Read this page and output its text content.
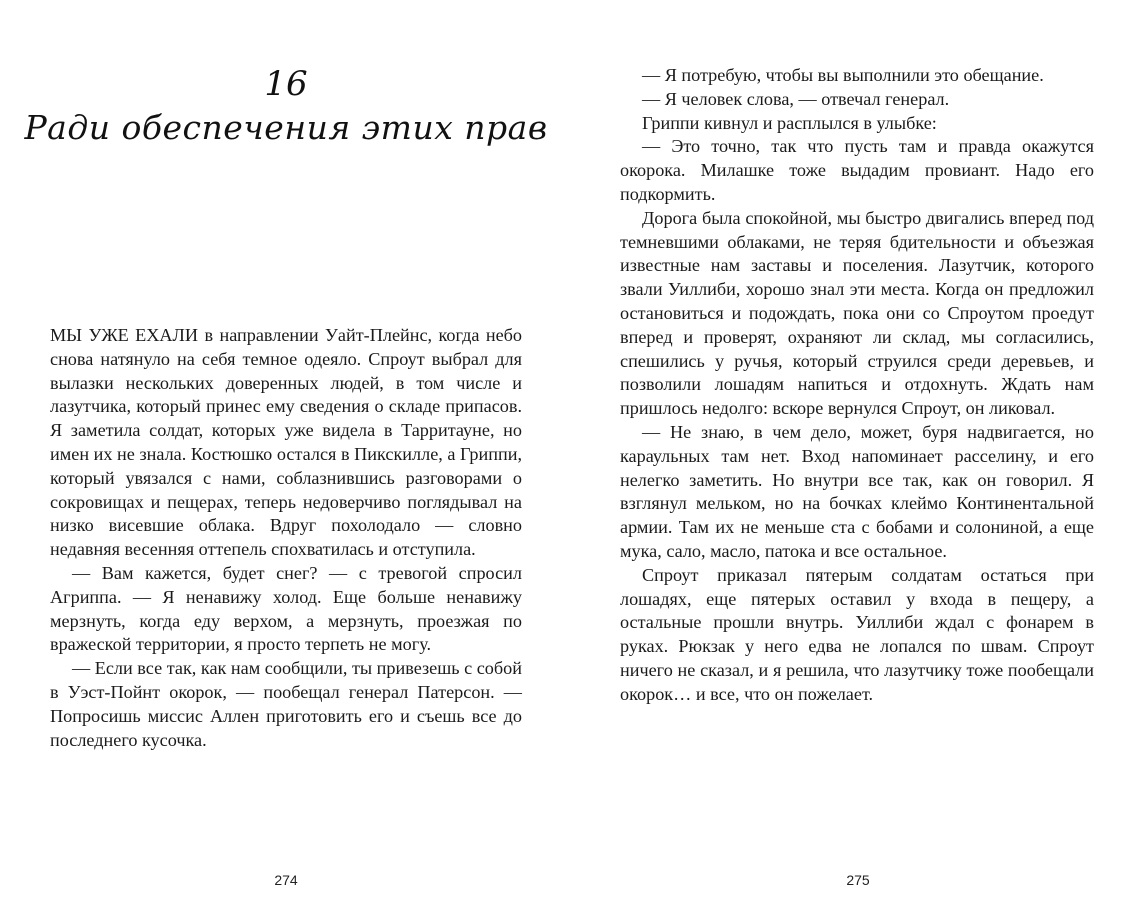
16
Ради обеспечения этих прав

МЫ УЖЕ ЕХАЛИ в направлении Уайт-Плейнс, когда небо снова натянуло на себя темное одеяло. Спроут выбрал для вылазки нескольких доверенных людей, в том числе и лазутчика, который принес ему сведения о складе припасов. Я заметила солдат, которых уже видела в Тарритауне, но имен их не знала. Костюшко остался в Пикскилле, а Гриппи, который увязался с нами, соблазнившись разговорами о сокровищах и пещерах, теперь недоверчиво поглядывал на низко висевшие облака. Вдруг похолодало — словно недавняя весенняя оттепель спохватилась и отступила.

— Вам кажется, будет снег? — с тревогой спросил Агриппа. — Я ненавижу холод. Еще больше ненавижу мерзнуть, когда еду верхом, а мерзнуть, проезжая по вражеской территории, я просто терпеть не могу.

— Если все так, как нам сообщили, ты привезешь с собой в Уэст-Пойнт окорок, — пообещал генерал Патерсон. — Попросишь миссис Аллен приготовить его и съешь все до последнего кусочка.

274

— Я потребую, чтобы вы выполнили это обещание.

— Я человек слова, — отвечал генерал.

Гриппи кивнул и расплылся в улыбке:

— Это точно, так что пусть там и правда окажутся окорока. Милашке тоже выдадим провиант. Надо его подкормить.

Дорога была спокойной, мы быстро двигались вперед под темневшими облаками, не теряя бдительности и объезжая известные нам заставы и поселения. Лазутчик, которого звали Уиллиби, хорошо знал эти места. Когда он предложил остановиться и подождать, пока они со Спроутом проедут вперед и проверят, охраняют ли склад, мы согласились, спешились у ручья, который струился среди деревьев, и позволили лошадям напиться и отдохнуть. Ждать нам пришлось недолго: вскоре вернулся Спроут, он ликовал.

— Не знаю, в чем дело, может, буря надвигается, но караульных там нет. Вход напоминает расселину, и его нелегко заметить. Но внутри все так, как он говорил. Я взглянул мельком, но на бочках клеймо Континентальной армии. Там их не меньше ста с бобами и солониной, а еще мука, сало, масло, патока и все остальное.

Спроут приказал пятерым солдатам остаться при лошадях, еще пятерых оставил у входа в пещеру, а остальные прошли внутрь. Уиллиби ждал с фонарем в руках. Рюкзак у него едва не лопался по швам. Спроут ничего не сказал, и я решила, что лазутчику тоже пообещали окорок… и все, что он пожелает.

275
